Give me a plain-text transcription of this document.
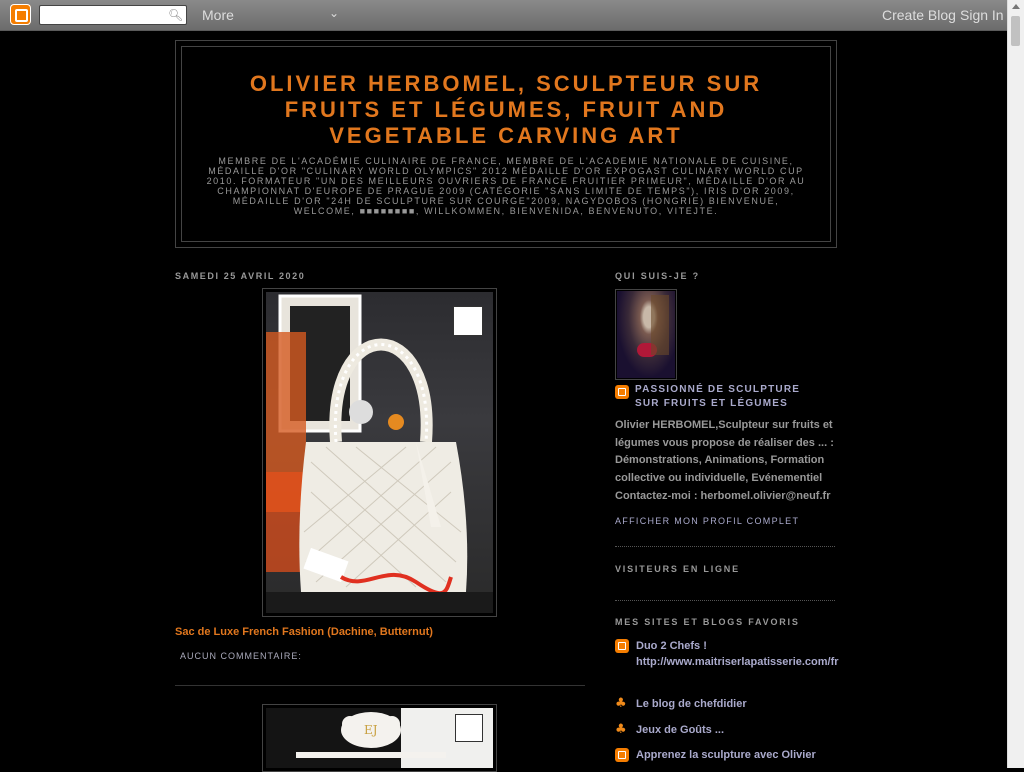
🔍︎ More	⌄	Create Blog Sign In
OLIVIER HERBOMEL, SCULPTEUR SUR FRUITS ET LÉGUMES, FRUIT AND VEGETABLE CARVING ART
MEMBRE DE L'ACADÉMIE CULINAIRE DE FRANCE, MEMBRE DE L'ACADEMIE NATIONALE DE CUISINE, MÉDAILLE D'OR "CULINARY WORLD OLYMPICS" 2012 MÉDAILLE D'OR EXPOGAST CULINARY WORLD CUP 2010. FORMATEUR "UN DES MEILLEURS OUVRIERS DE FRANCE FRUITIER PRIMEUR", MÉDAILLE D'OR AU CHAMPIONNAT D'EUROPE DE PRAGUE 2009 (CATÉGORIE "SANS LIMITE DE TEMPS"), IRIS D'OR 2009, MÉDAILLE D'OR "24H DE SCULPTURE SUR COURGE"2009, NAGYDOBOS (HONGRIE) BIENVENUE, WELCOME, ■■■■■■■■, WILLKOMMEN, BIENVENIDA, BENVENUTO, VITEJTE.
SAMEDI 25 AVRIL 2020
Sac de Luxe French Fashion (Dachine, Butternut)
AUCUN COMMENTAIRE:
EJ
QUI SUIS-JE ?
PASSIONNÉ DE SCULPTURE SUR FRUITS ET LÉGUMES
Olivier HERBOMEL,Sculpteur sur fruits et légumes vous propose de réaliser des ... : Démonstrations, Animations, Formation collective ou individuelle, Evénementiel Contactez-moi : herbomel.olivier@neuf.fr
AFFICHER MON PROFIL COMPLET
VISITEURS EN LIGNE
MES SITES ET BLOGS FAVORIS
Duo 2 Chefs ! http://www.maitriserlapatisserie.com/fr
♣ Le blog de chefdidier
♣ Jeux de Goûts ...
Apprenez la sculpture avec Olivier
